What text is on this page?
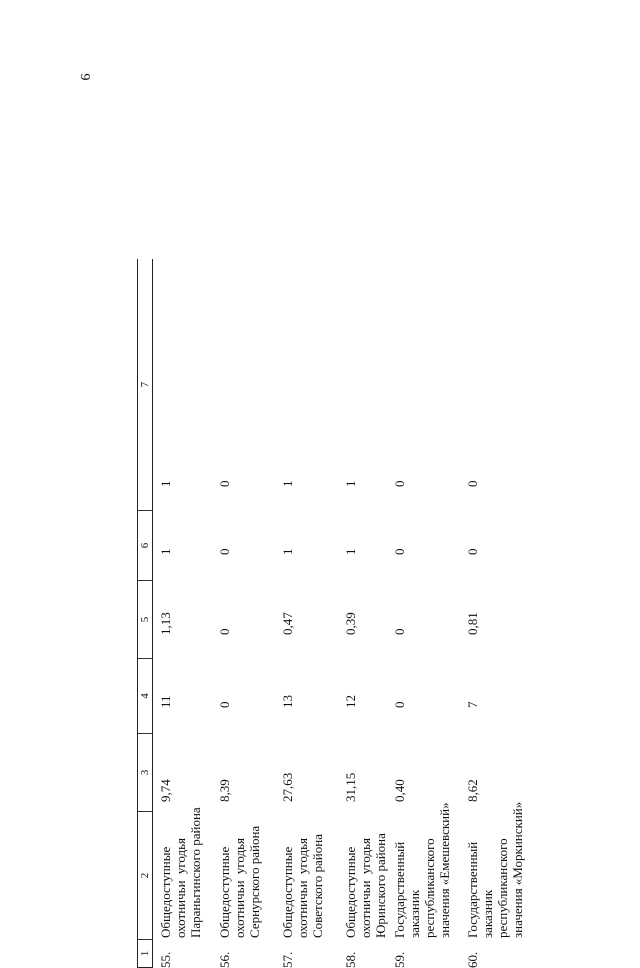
6
1
2
3
4
5
6
7
55.
Общедоступные охотничьи
угодья Параньгинского района
9,74
11
1,13
1
1
56.
Общедоступные охотничьи
угодья Сернурского района
8,39
0
0
0
0
57.
Общедоступные охотничьи
угодья Советского района
27,63
13
0,47
1
1
58.
Общедоступные охотничьи
угодья Юринского района
31,15
12
0,39
1
1
59.
Государственный заказник республиканского значения «Емешевский»
0,40
0
0
0
0
60.
Государственный заказник республиканского значения «Моркинский»
8,62
7
0,81
0
0
